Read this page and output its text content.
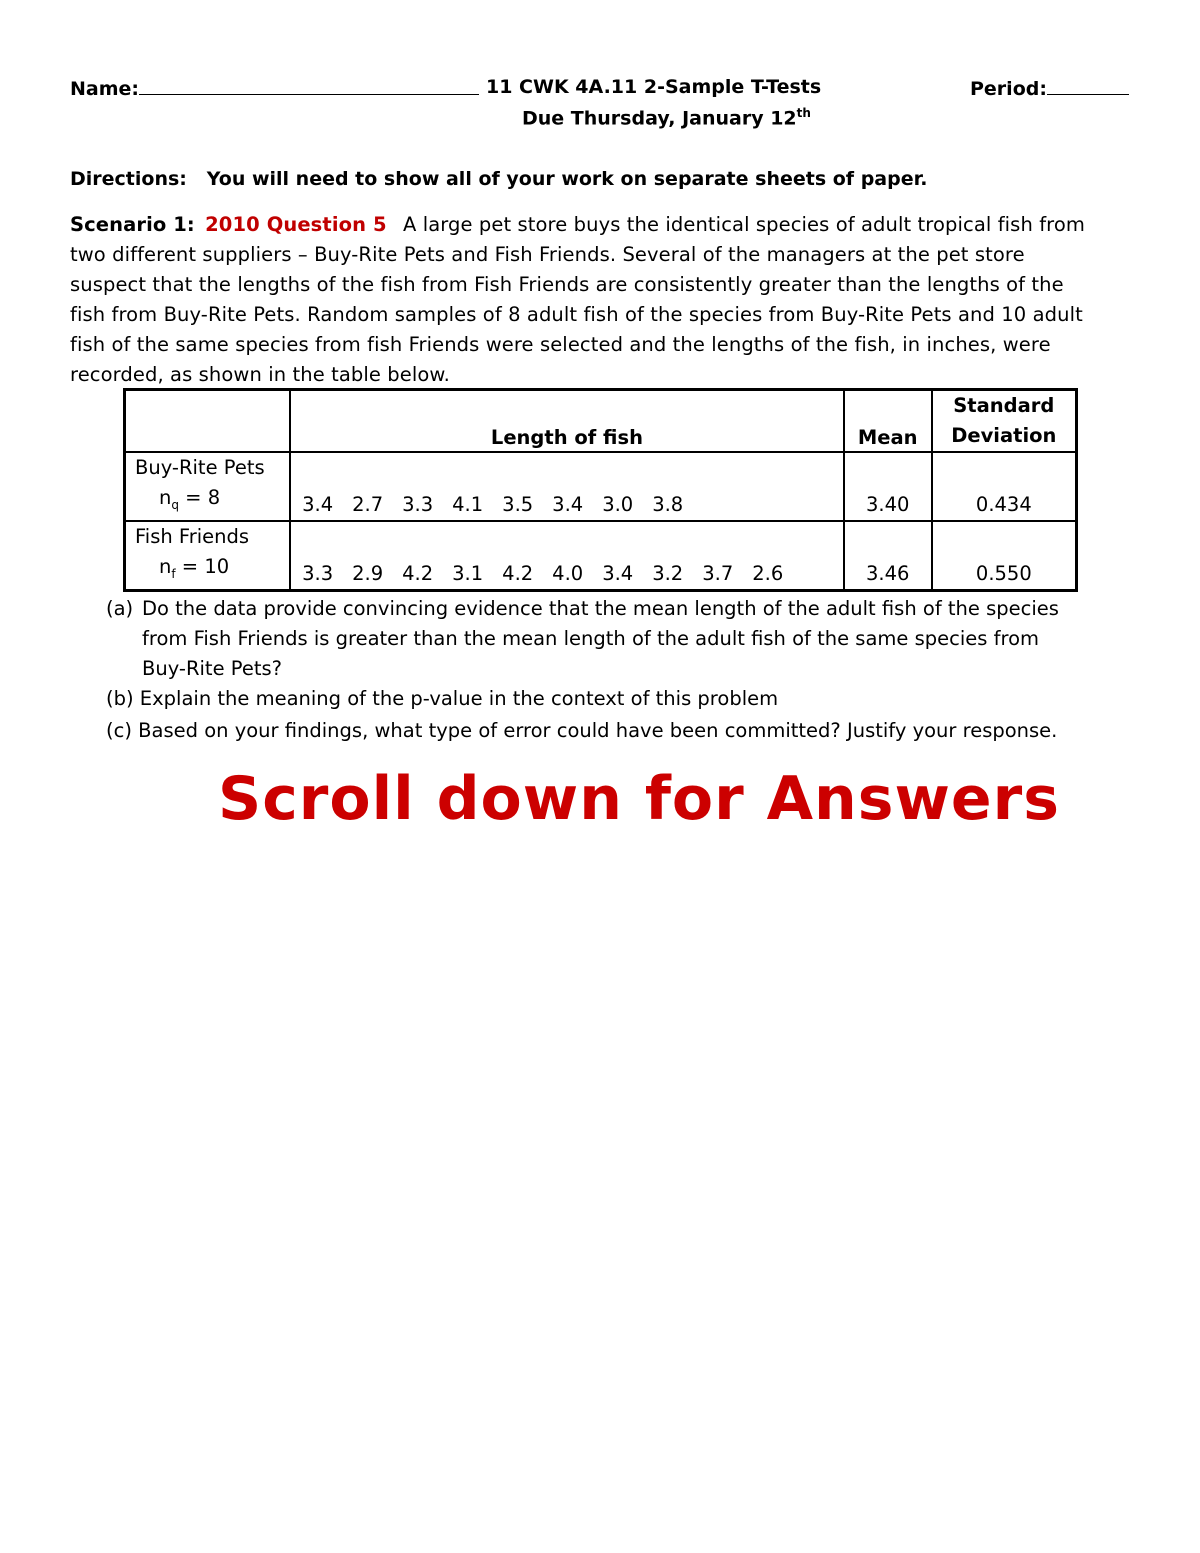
Name:	11 CWK 4A.11 2-Sample T-Tests	Period:
Due Thursday, January 12th
Directions: You will need to show all of your work on separate sheets of paper.
Scenario 1: 2010 Question 5 A large pet store buys the identical species of adult tropical fish from
two different suppliers – Buy-Rite Pets and Fish Friends. Several of the managers at the pet store
suspect that the lengths of the fish from Fish Friends are consistently greater than the lengths of the
fish from Buy-Rite Pets. Random samples of 8 adult fish of the species from Buy-Rite Pets and 10 adult
fish of the same species from fish Friends were selected and the lengths of the fish, in inches, were
recorded, as shown in the table below.
	Length of fish	Mean	Standard
Deviation

Buy-Rite Pets
$n_q = 8$	3.4 2.7 3.3 4.1 3.5 3.4 3.0 3.8	3.40	0.434

Fish Friends
$n_f = 10$	3.3 2.9 4.2 3.1 4.2 4.0 3.4 3.2 3.7 2.6	3.46	0.550
(a) Do the data provide convincing evidence that the mean length of the adult fish of the species
from Fish Friends is greater than the mean length of the adult fish of the same species from
Buy-Rite Pets?
(b) Explain the meaning of the p-value in the context of this problem
(c) Based on your findings, what type of error could have been committed? Justify your response.
Scroll down for Answers
